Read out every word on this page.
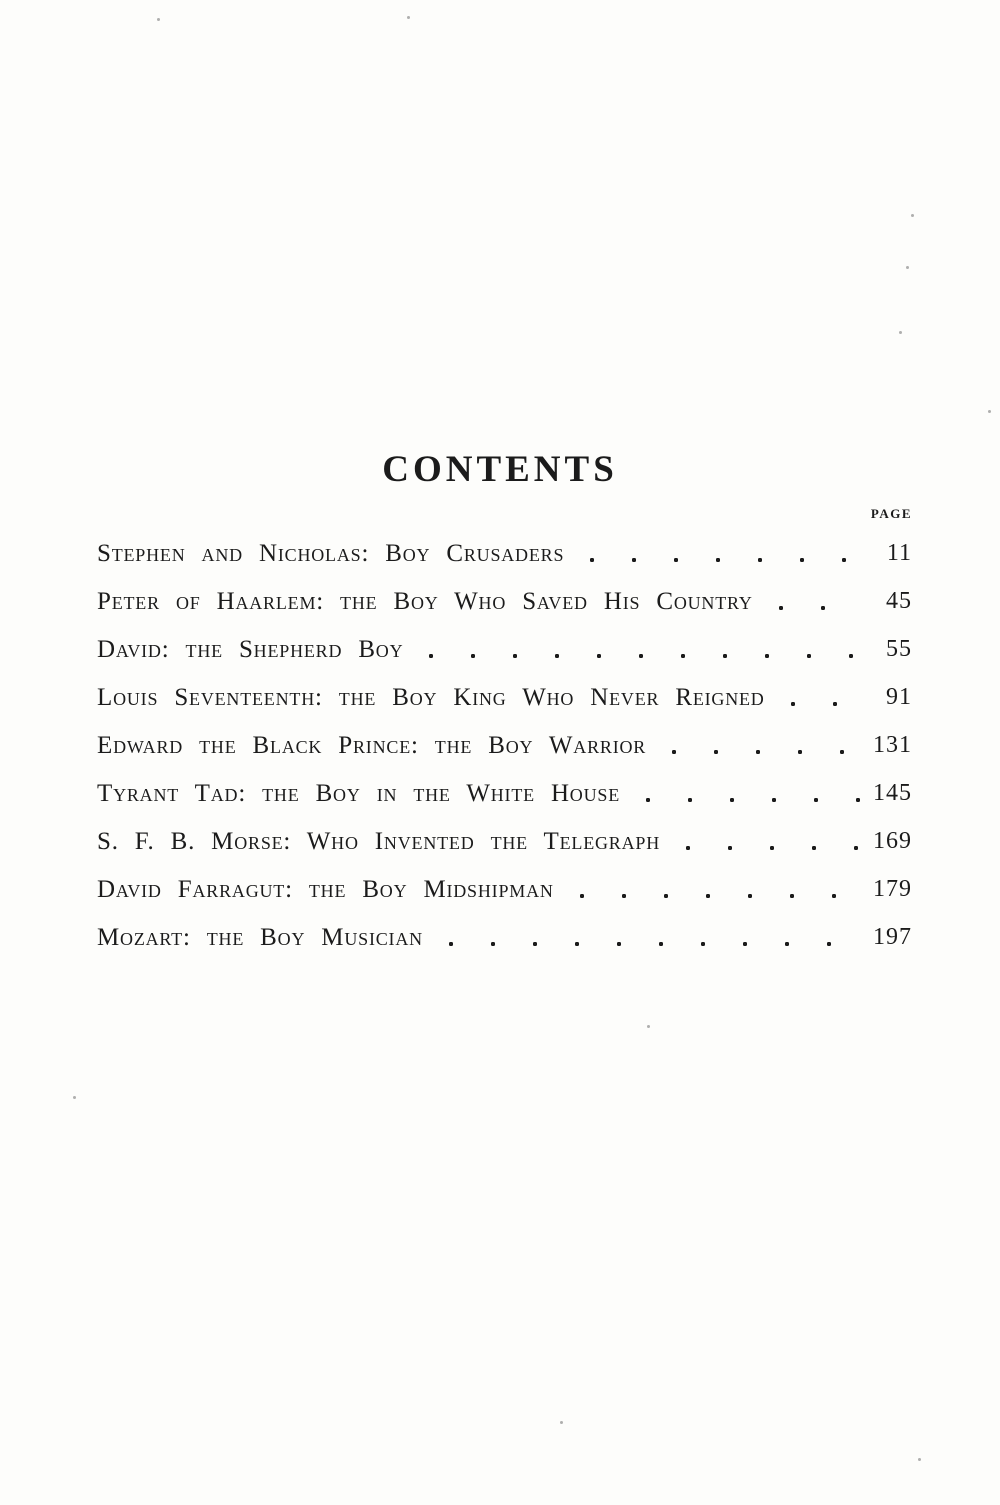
CONTENTS
PAGE
Stephen and Nicholas: Boy Crusaders	11
Peter of Haarlem: the Boy Who Saved His Country	45
David: the Shepherd Boy	55
Louis Seventeenth: the Boy King Who Never Reigned	91
Edward the Black Prince: the Boy Warrior	131
Tyrant Tad: the Boy in the White House	145
S. F. B. Morse: Who Invented the Telegraph	169
David Farragut: the Boy Midshipman	179
Mozart: the Boy Musician	197
